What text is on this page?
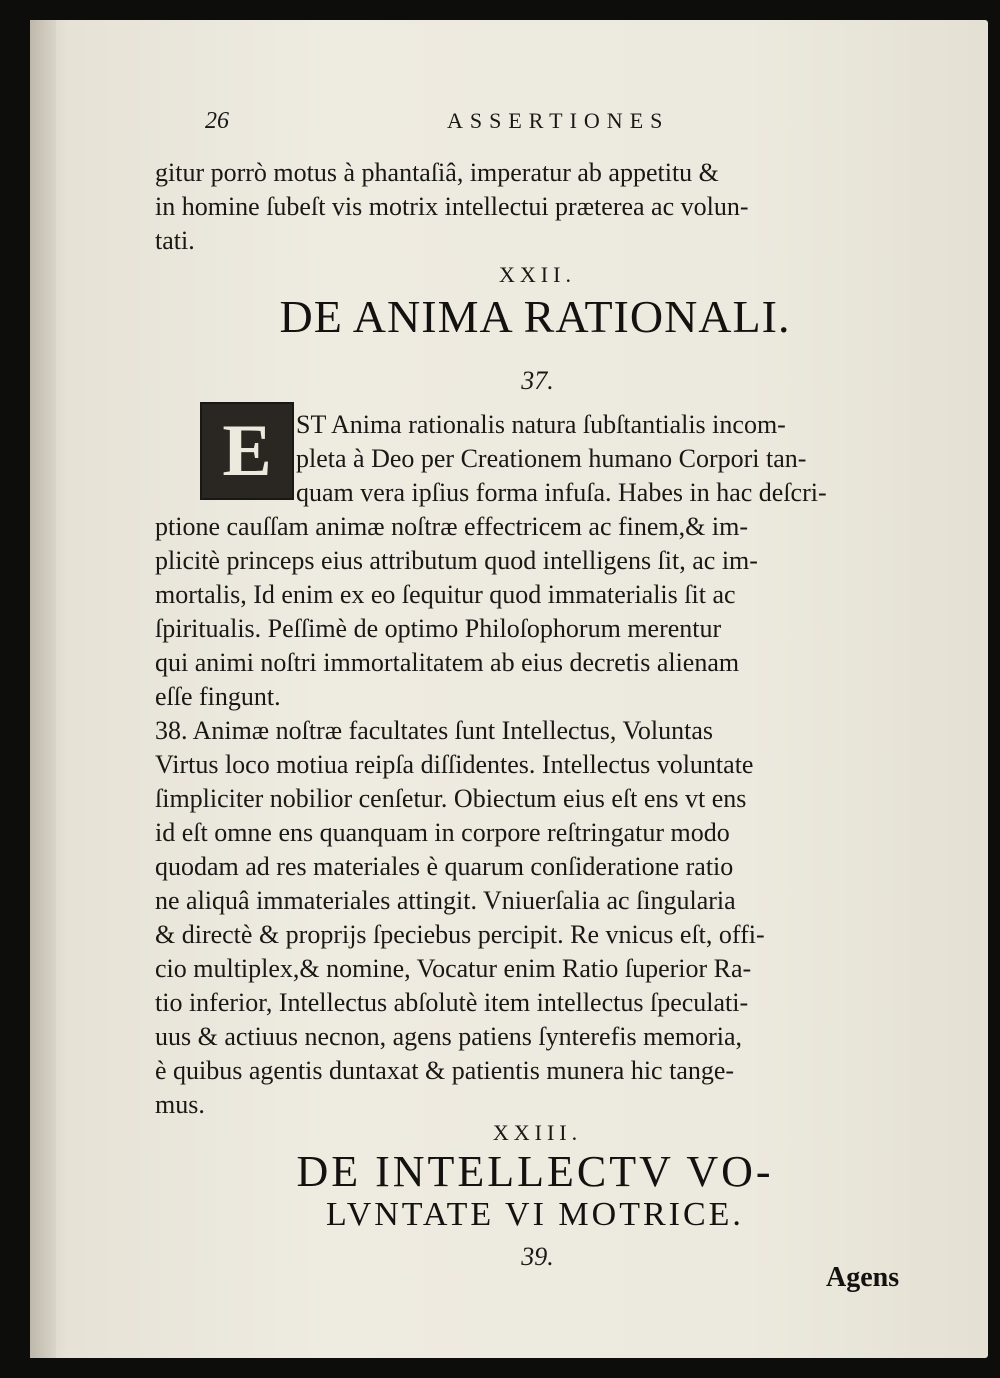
26	ASSERTIONES
gitur porrò motus à phantaſiâ, imperatur ab appetitu &
in homine ſubeſt vis motrix intellectui præterea ac volun-
tati.
XXII.
DE ANIMA RATIONALI.
37.
E ST Anima rationalis natura ſubſtantialis incom-
pleta à Deo per Creationem humano Corpori tan-
quam vera ipſius forma infuſa. Habes in hac deſcri-
ptione cauſſam animæ noſtræ effectricem ac finem,& im-
plicitè princeps eius attributum quod intelligens ſit, ac im-
mortalis, Id enim ex eo ſequitur quod immaterialis ſit ac
ſpiritualis. Peſſimè de optimo Philoſophorum merentur
qui animi noſtri immortalitatem ab eius decretis alienam
eſſe fingunt.
38. Animæ noſtræ facultates ſunt Intellectus, Voluntas
Virtus loco motiua reipſa diſſidentes. Intellectus voluntate
ſimpliciter nobilior cenſetur. Obiectum eius eſt ens vt ens
id eſt omne ens quanquam in corpore reſtringatur modo
quodam ad res materiales è quarum conſideratione ratio
ne aliquâ immateriales attingit. Vniuerſalia ac ſingularia
& directè & proprijs ſpeciebus percipit. Re vnicus eſt, offi-
cio multiplex,& nomine, Vocatur enim Ratio ſuperior Ra-
tio inferior, Intellectus abſolutè item intellectus ſpeculati-
uus & actiuus necnon, agens patiens ſynterefis memoria,
è quibus agentis duntaxat & patientis munera hic tange-
mus.
XXIII.
DE INTELLECTV VO-
LVNTATE VI MOTRICE.
39.
Agens
